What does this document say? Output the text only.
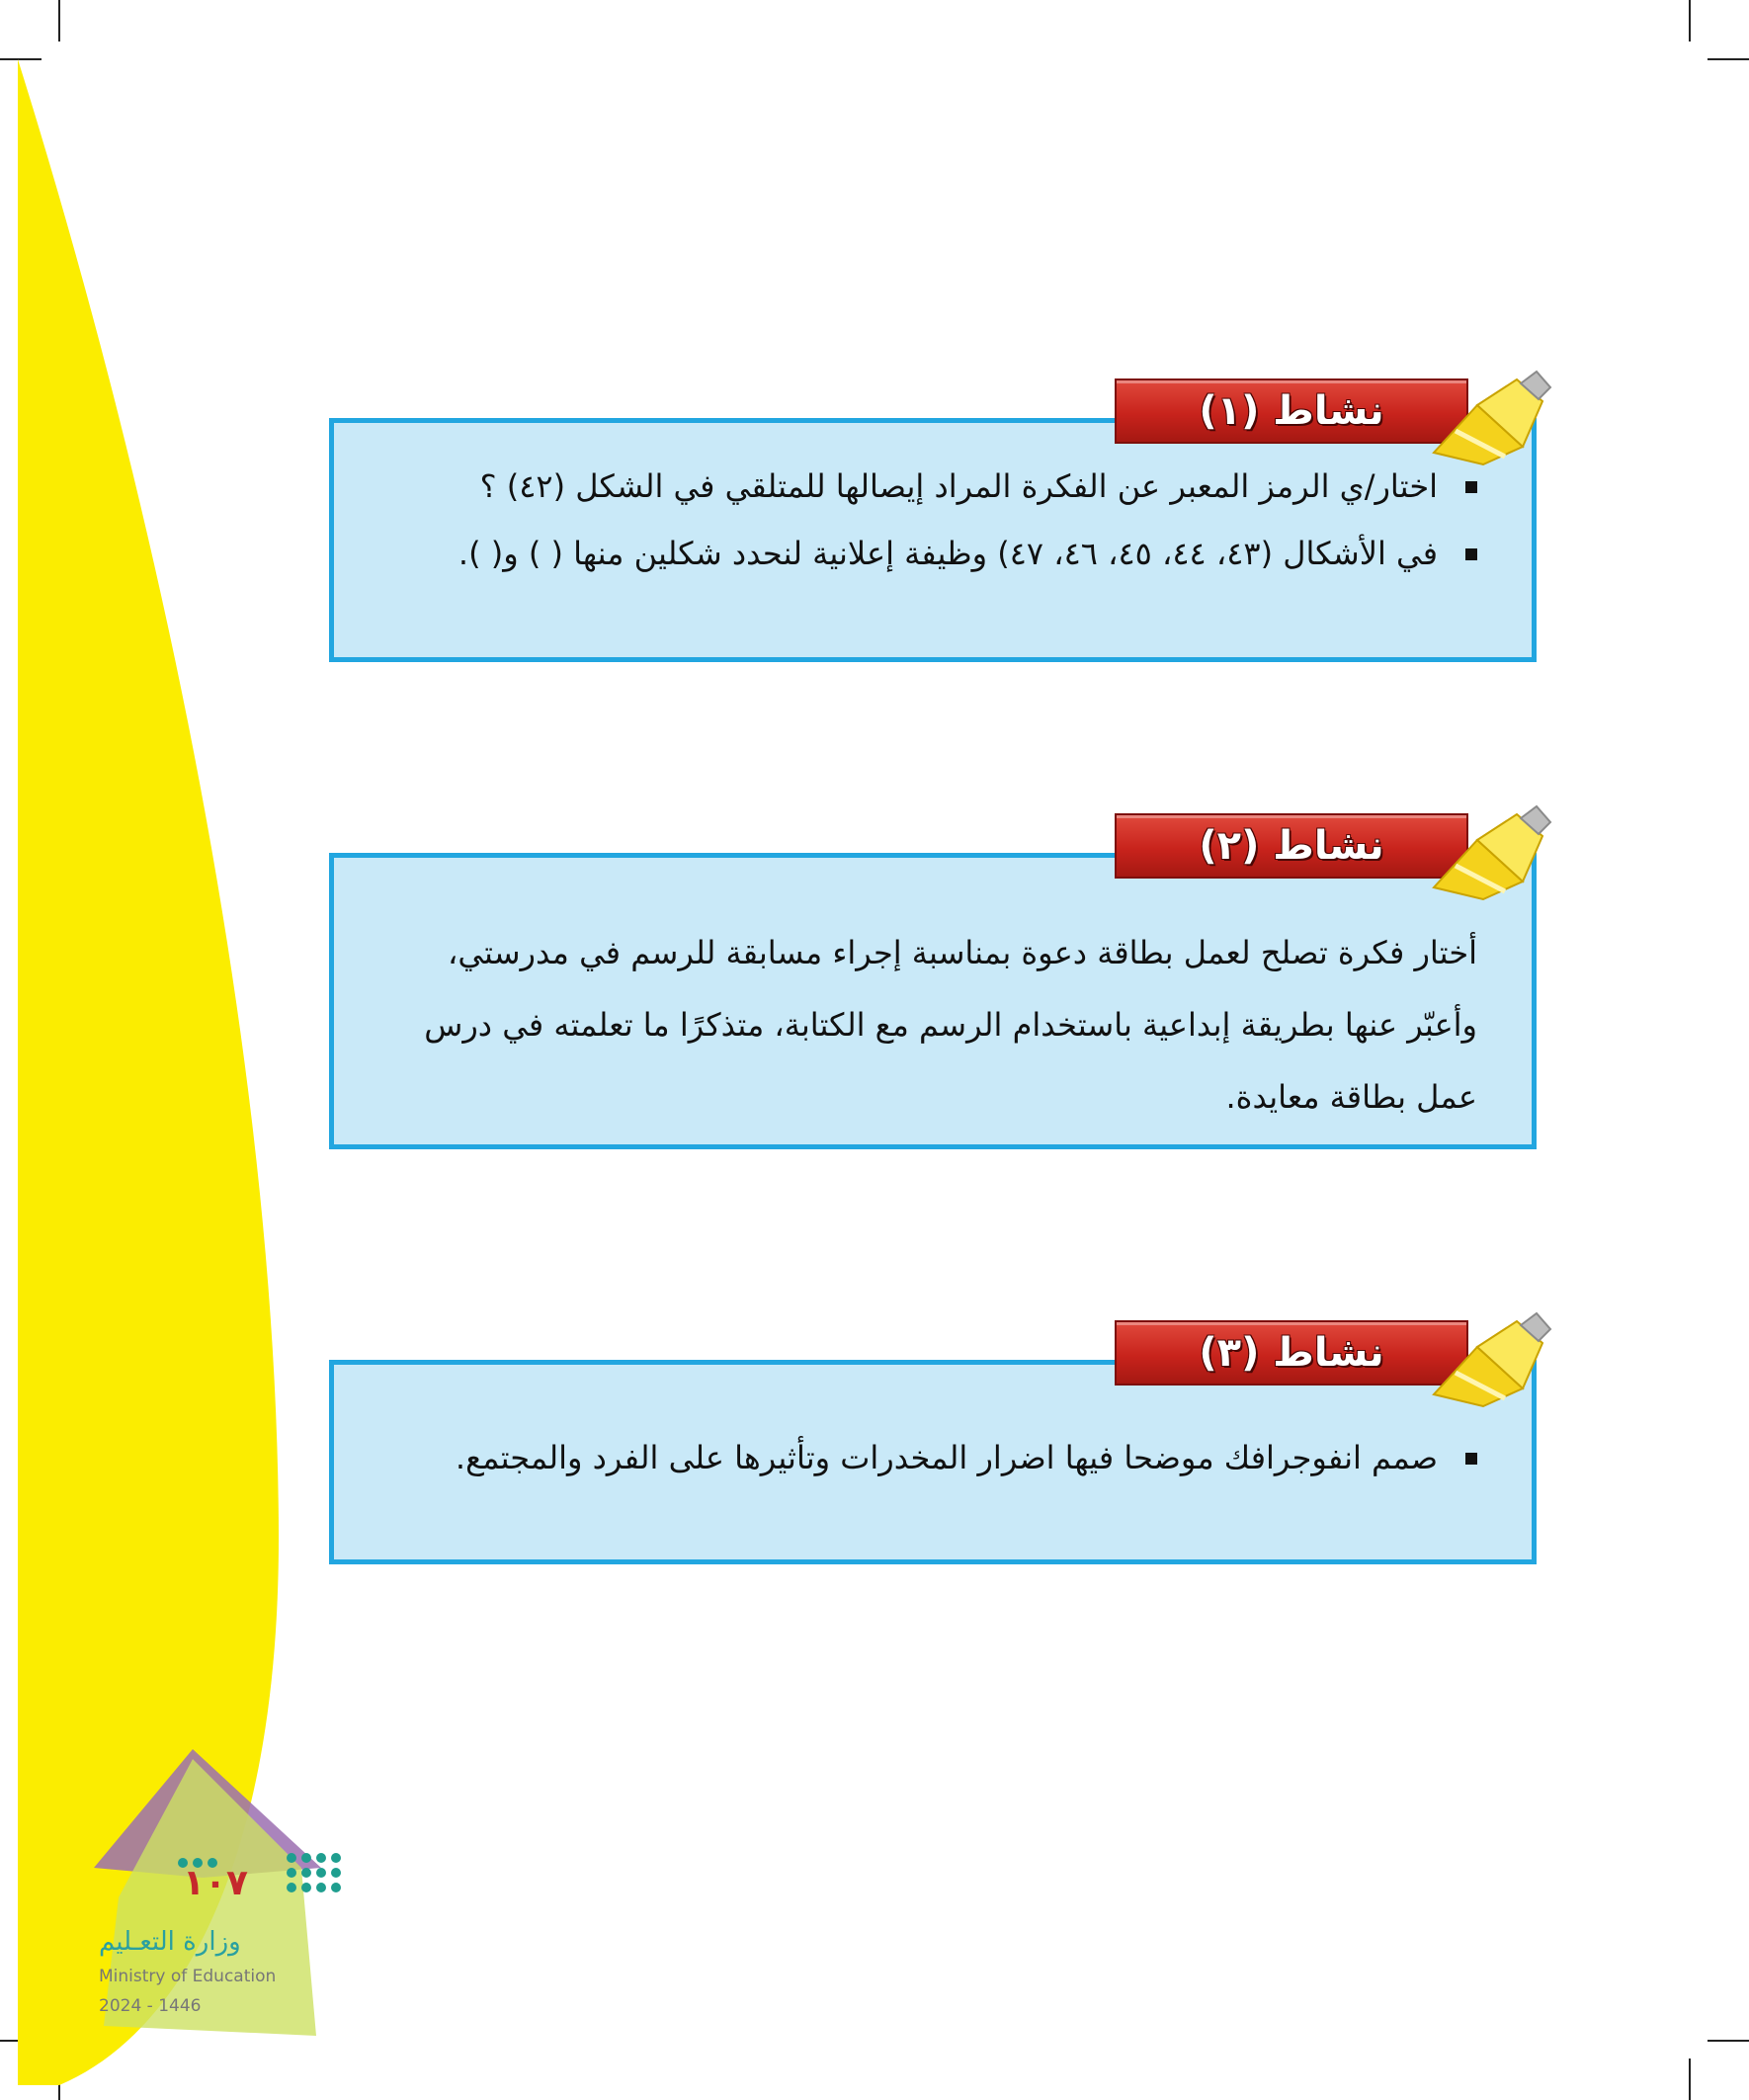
اختار/ي الرمز المعبر عن الفكرة المراد إيصالها للمتلقي في الشكل (٤٢) ؟
في الأشكال (٤٣، ٤٤، ٤٥، ٤٦، ٤٧) وظيفة إعلانية لنحدد شكلين منها ( ) و( ).
نشاط (١)
أختار فكرة تصلح لعمل بطاقة دعوة بمناسبة إجراء مسابقة للرسم في مدرستي،
وأعبّر عنها بطريقة إبداعية باستخدام الرسم مع الكتابة، متذكرًا ما تعلمته في درس
عمل بطاقة معايدة.
نشاط (٢)
صمم انفوجرافك موضحا فيها اضرار المخدرات وتأثيرها على الفرد والمجتمع.
نشاط (٣)
١٠٧
وزارة التعـليم
Ministry of Education
2024 - 1446
